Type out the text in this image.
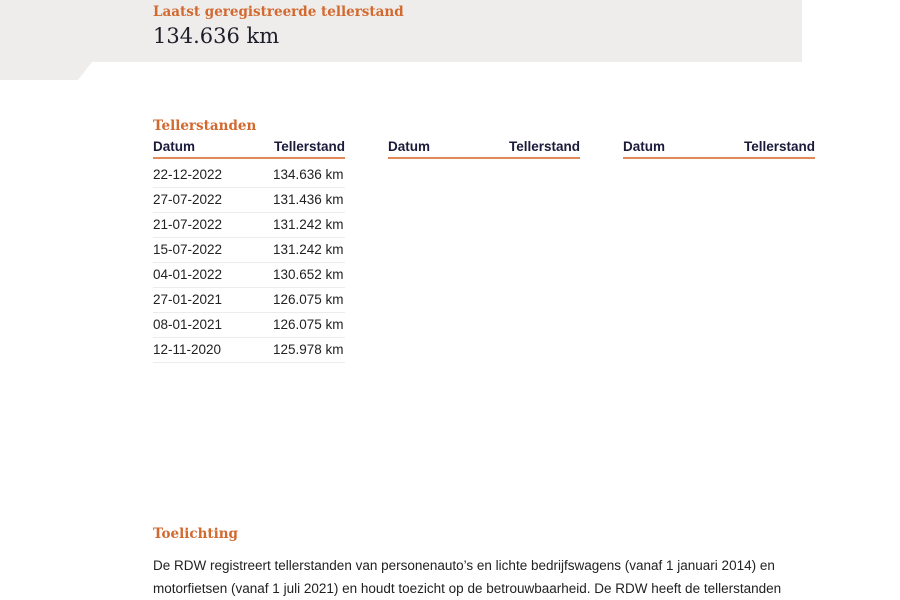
Laatst geregistreerde tellerstand
134.636 km
Tellerstanden
Datum	Tellerstand
22-12-2022	134.636 km
27-07-2022	131.436 km
21-07-2022	131.242 km
15-07-2022	131.242 km
04-01-2022	130.652 km
27-01-2021	126.075 km
08-01-2021	126.075 km
12-11-2020	125.978 km
Datum	Tellerstand	Datum	Tellerstand
Toelichting
De RDW registreert tellerstanden van personenauto’s en lichte bedrijfswagens (vanaf 1 januari 2014) en
motorfietsen (vanaf 1 juli 2021) en houdt toezicht op de betrouwbaarheid. De RDW heeft de tellerstanden
